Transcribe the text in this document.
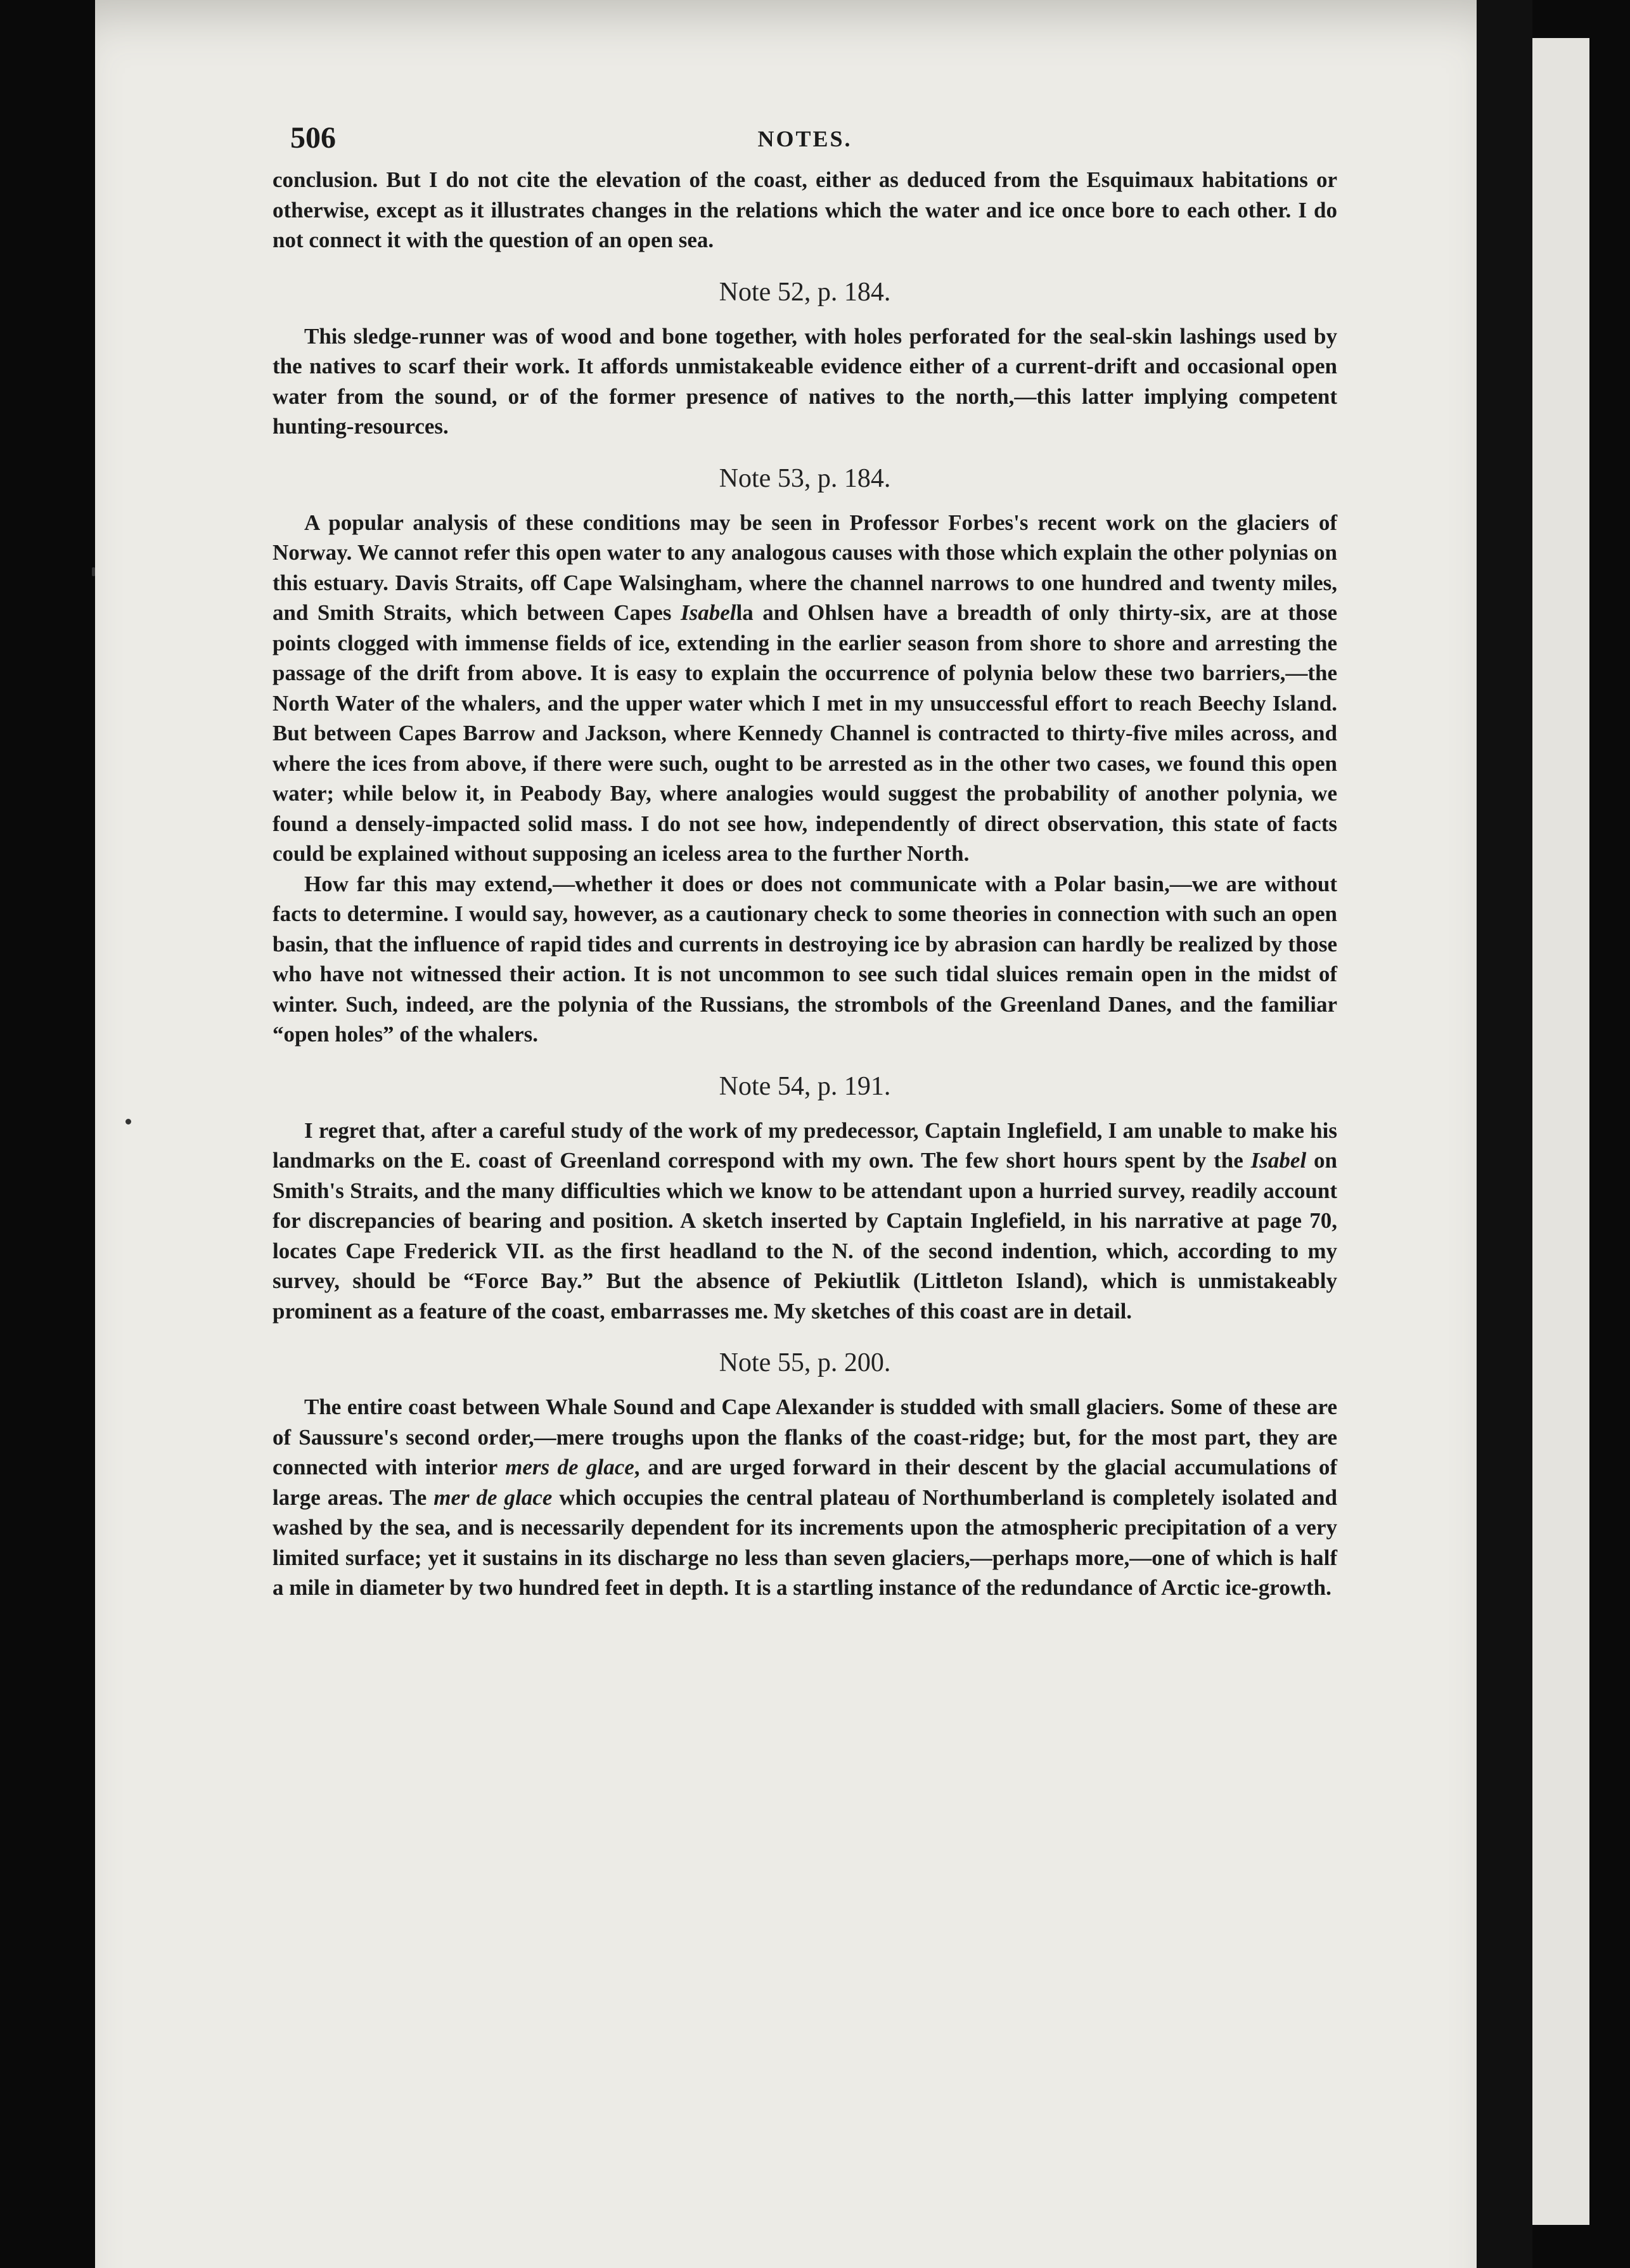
506	NOTES.

conclusion. But I do not cite the elevation of the coast, either as deduced from the Esquimaux habitations or otherwise, except as it illustrates changes in the relations which the water and ice once bore to each other. I do not connect it with the question of an open sea.

Note 52, p. 184.

This sledge-runner was of wood and bone together, with holes perforated for the seal-skin lashings used by the natives to scarf their work. It affords unmistakeable evidence either of a current-drift and occasional open water from the sound, or of the former presence of natives to the north,—this latter implying competent hunting-resources.

Note 53, p. 184.

A popular analysis of these conditions may be seen in Professor Forbes's recent work on the glaciers of Norway. We cannot refer this open water to any analogous causes with those which explain the other polynias on this estuary. Davis Straits, off Cape Walsingham, where the channel narrows to one hundred and twenty miles, and Smith Straits, which between Capes Isabella and Ohlsen have a breadth of only thirty-six, are at those points clogged with immense fields of ice, extending in the earlier season from shore to shore and arresting the passage of the drift from above. It is easy to explain the occurrence of polynia below these two barriers,—the North Water of the whalers, and the upper water which I met in my unsuccessful effort to reach Beechy Island. But between Capes Barrow and Jackson, where Kennedy Channel is contracted to thirty-five miles across, and where the ices from above, if there were such, ought to be arrested as in the other two cases, we found this open water; while below it, in Peabody Bay, where analogies would suggest the probability of another polynia, we found a densely-impacted solid mass. I do not see how, independently of direct observation, this state of facts could be explained without supposing an iceless area to the further North.

How far this may extend,—whether it does or does not communicate with a Polar basin,—we are without facts to determine. I would say, however, as a cautionary check to some theories in connection with such an open basin, that the influence of rapid tides and currents in destroying ice by abrasion can hardly be realized by those who have not witnessed their action. It is not uncommon to see such tidal sluices remain open in the midst of winter. Such, indeed, are the polynia of the Russians, the strombols of the Greenland Danes, and the familiar “open holes” of the whalers.

Note 54, p. 191.

I regret that, after a careful study of the work of my predecessor, Captain Inglefield, I am unable to make his landmarks on the E. coast of Greenland correspond with my own. The few short hours spent by the Isabel on Smith's Straits, and the many difficulties which we know to be attendant upon a hurried survey, readily account for discrepancies of bearing and position. A sketch inserted by Captain Inglefield, in his narrative at page 70, locates Cape Frederick VII. as the first headland to the N. of the second indention, which, according to my survey, should be “Force Bay.” But the absence of Pekiutlik (Littleton Island), which is unmistakeably prominent as a feature of the coast, embarrasses me. My sketches of this coast are in detail.

Note 55, p. 200.

The entire coast between Whale Sound and Cape Alexander is studded with small glaciers. Some of these are of Saussure's second order,—mere troughs upon the flanks of the coast-ridge; but, for the most part, they are connected with interior mers de glace, and are urged forward in their descent by the glacial accumulations of large areas. The mer de glace which occupies the central plateau of Northumberland is completely isolated and washed by the sea, and is necessarily dependent for its increments upon the atmospheric precipitation of a very limited surface; yet it sustains in its discharge no less than seven glaciers,—perhaps more,—one of which is half a mile in diameter by two hundred feet in depth. It is a startling instance of the redundance of Arctic ice-growth.
